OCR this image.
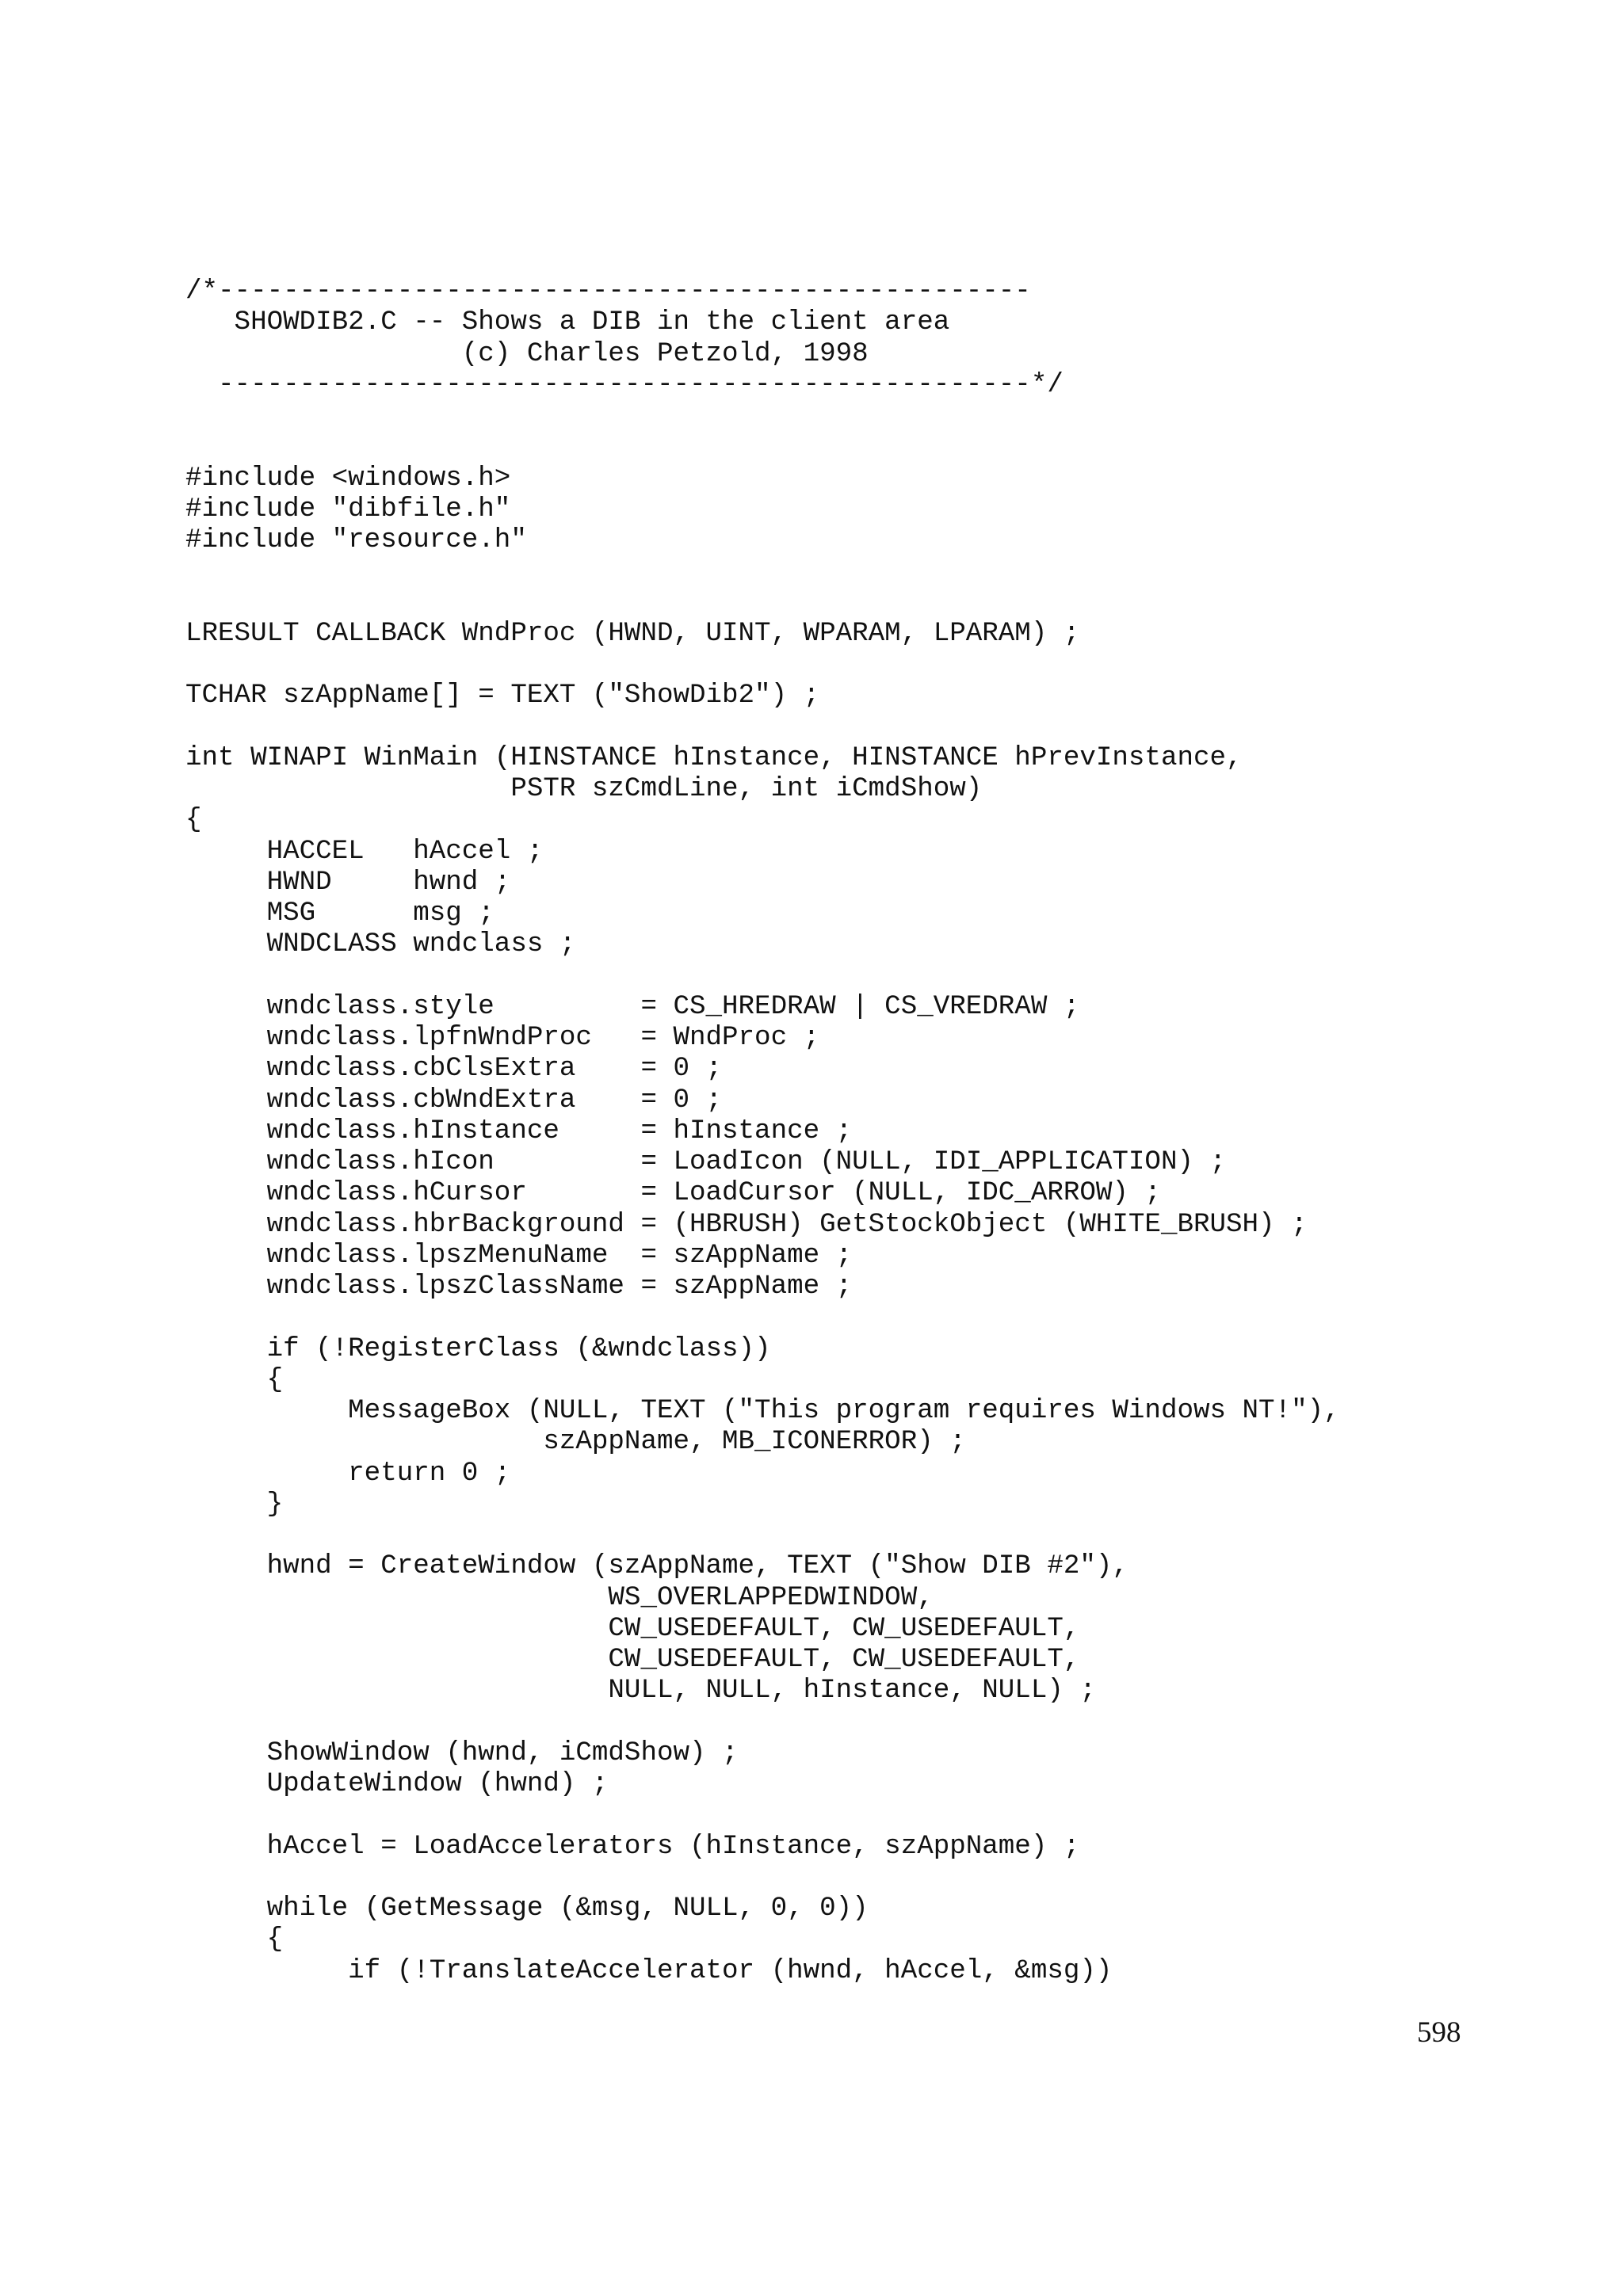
/*--------------------------------------------------
SHOWDIB2.C -- Shows a DIB in the client area
(c) Charles Petzold, 1998
--------------------------------------------------*/
#include <windows.h>
#include "dibfile.h"
#include "resource.h"
LRESULT CALLBACK WndProc (HWND, UINT, WPARAM, LPARAM) ;
TCHAR szAppName[] = TEXT ("ShowDib2") ;
int WINAPI WinMain (HINSTANCE hInstance, HINSTANCE hPrevInstance,
PSTR szCmdLine, int iCmdShow)
{
HACCEL   hAccel ;
HWND     hwnd ;
MSG      msg ;
WNDCLASS wndclass ;
wndclass.style         = CS_HREDRAW | CS_VREDRAW ;
wndclass.lpfnWndProc   = WndProc ;
wndclass.cbClsExtra    = 0 ;
wndclass.cbWndExtra    = 0 ;
wndclass.hInstance     = hInstance ;
wndclass.hIcon         = LoadIcon (NULL, IDI_APPLICATION) ;
wndclass.hCursor       = LoadCursor (NULL, IDC_ARROW) ;
wndclass.hbrBackground = (HBRUSH) GetStockObject (WHITE_BRUSH) ;
wndclass.lpszMenuName  = szAppName ;
wndclass.lpszClassName = szAppName ;
if (!RegisterClass (&wndclass))
{
MessageBox (NULL, TEXT ("This program requires Windows NT!"),
szAppName, MB_ICONERROR) ;
return 0 ;
}
hwnd = CreateWindow (szAppName, TEXT ("Show DIB #2"),
WS_OVERLAPPEDWINDOW,
CW_USEDEFAULT, CW_USEDEFAULT,
CW_USEDEFAULT, CW_USEDEFAULT,
NULL, NULL, hInstance, NULL) ;
ShowWindow (hwnd, iCmdShow) ;
UpdateWindow (hwnd) ;
hAccel = LoadAccelerators (hInstance, szAppName) ;
while (GetMessage (&msg, NULL, 0, 0))
{
if (!TranslateAccelerator (hwnd, hAccel, &msg))
598
